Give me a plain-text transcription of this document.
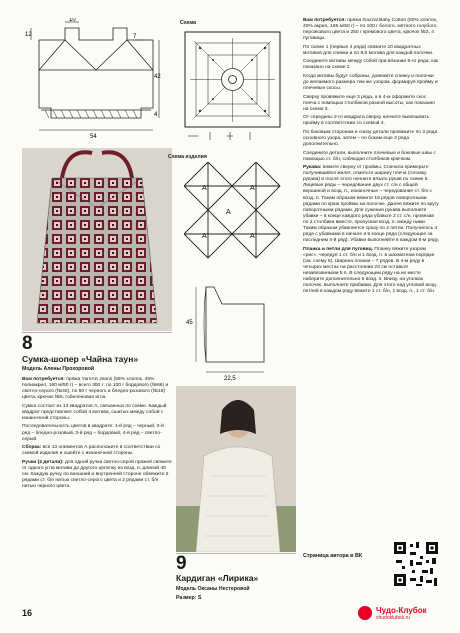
10
12	7
42
4
54
Схема
Схема изделия
А	А
А
А	А
45
22,5
8
Сумка-шопер «Чайна таун»
Модель Алены Прохоровой

Вам потребуется: пряжа YarnArt Jeans (55% хлопок, 45% полиакрил, 160 м/50 г) – всего 300 г: по 100 г бордового (№66) и светло-серого (№46), по 50 г черного и бледно-розового (№18) цвета, крючок №5, гобеленовая игла.

Сумка состоит из 13 квадратов А, связанных по схеме. Каждый квадрат представляет собой 4 мотива, сшитых между собой с изнаночной стороны.

Последовательность цветов в квадрате: 1-й ряд – черный, 2-й ряд – бледно-розовый, 3-й ряд – бордовый, 4-й ряд – светло-серый.

Сборка: все 13 элементов А расположите в соответствии со схемой изделия и сшейте с изнаночной стороны.

Ручки (2 детали): для одной ручки светло-серой пряжей свяжите от одного угла мотива до другого цепочку из возд. п. длиной 40 см. Каждую ручку по внешней и внутренней стороне обвяжите 2 рядами ст. б/н нитью светло-серого цвета и 2 рядами ст. б/н нитью черного цвета.

9
Кардиган «Лирика»
Модель Оксаны Нестеровой
Размер: S

Вам потребуется: пряжа Gazzal Baby Cotton (60% хлопок, 40% акрил, 165 м/50 г) – по 100 г белого, мятного голубого, персикового цвета и 250 г кремового цвета, крючок №3, 4 пуговицы.

По схеме 1 (первые 4 ряда) свяжите 20 квадратных мотивов для спинки и по 8,5 мотива для каждой полочки.

Соедините мотивы между собой при вязании 5-го ряда, как показано на схеме 2.

Когда мотивы будут собраны, довяжите спинку и полочки до желаемого размера тем же узором, формируя пройму и плечевые скосы.

Сверху провяжите еще 3 ряда, а в 4-м оформите скос плеча с помощью столбиков разной высоты, как показано на схеме 3.

От середины 2-го квадрата сверху начните вывязывать пройму в соответствии со схемой 4.

По боковым сторонам и снизу детали провяжите по 3 ряда основного узора, затем – по бокам еще 2 ряда дополнительно.

Соедините детали, выполните плечевые и боковые швы с помощью ст. б/н, соблюдая столбиков крючком.

Рукава: вяжите сверху от проймы. Сначала примерьте получившийся жилет, отметьте ширину плеча (головку рукава) и после этого начните вязать рукав по схеме 5. Лицевые ряды – чередование двух ст. с/н с общей вершиной и возд. п., изнаночные – чередование ст. б/н с возд. п. Таким образом вяжите 16 рядов поворотными рядами по краю проймы на полочке. Далее вяжите по кругу поворотными рядами. Для сужения рукава выполните убавки – в конце каждого ряда убавьте 2 ст. с/н, провязав по 2 столбика вместе, пропуская возд. п. между ними. Таким образом убавляется сразу по 2 петли. Получилось 4 ряда с убавками в начале и в конце ряда (следующее за последним 4-й ряд). Убавки выполняйте в каждом 8-м ряду.

Планка и петли для пуговиц. Планку вяжите узором «рис», чередуя 1 ст. б/н и 1 возд. п. в шахматном порядке (см. схему 6). Ширина планки – 7 рядов. В 4-м ряду в четырех местах на расстоянии 23 см оставьте незавязанными 5 п. В следующем ряду на их месте наберите дополнительно 5 возд. п. Внизу, на уголках полочек, выполните прибавки. Для этого над угловой возд. петлей в каждом ряду вяжите 1 ст. б/н, 1 возд. п., 1 ст. б/н.

Страница автора в ВК
16	Чудо-Клубок
chudoklubok.ru
